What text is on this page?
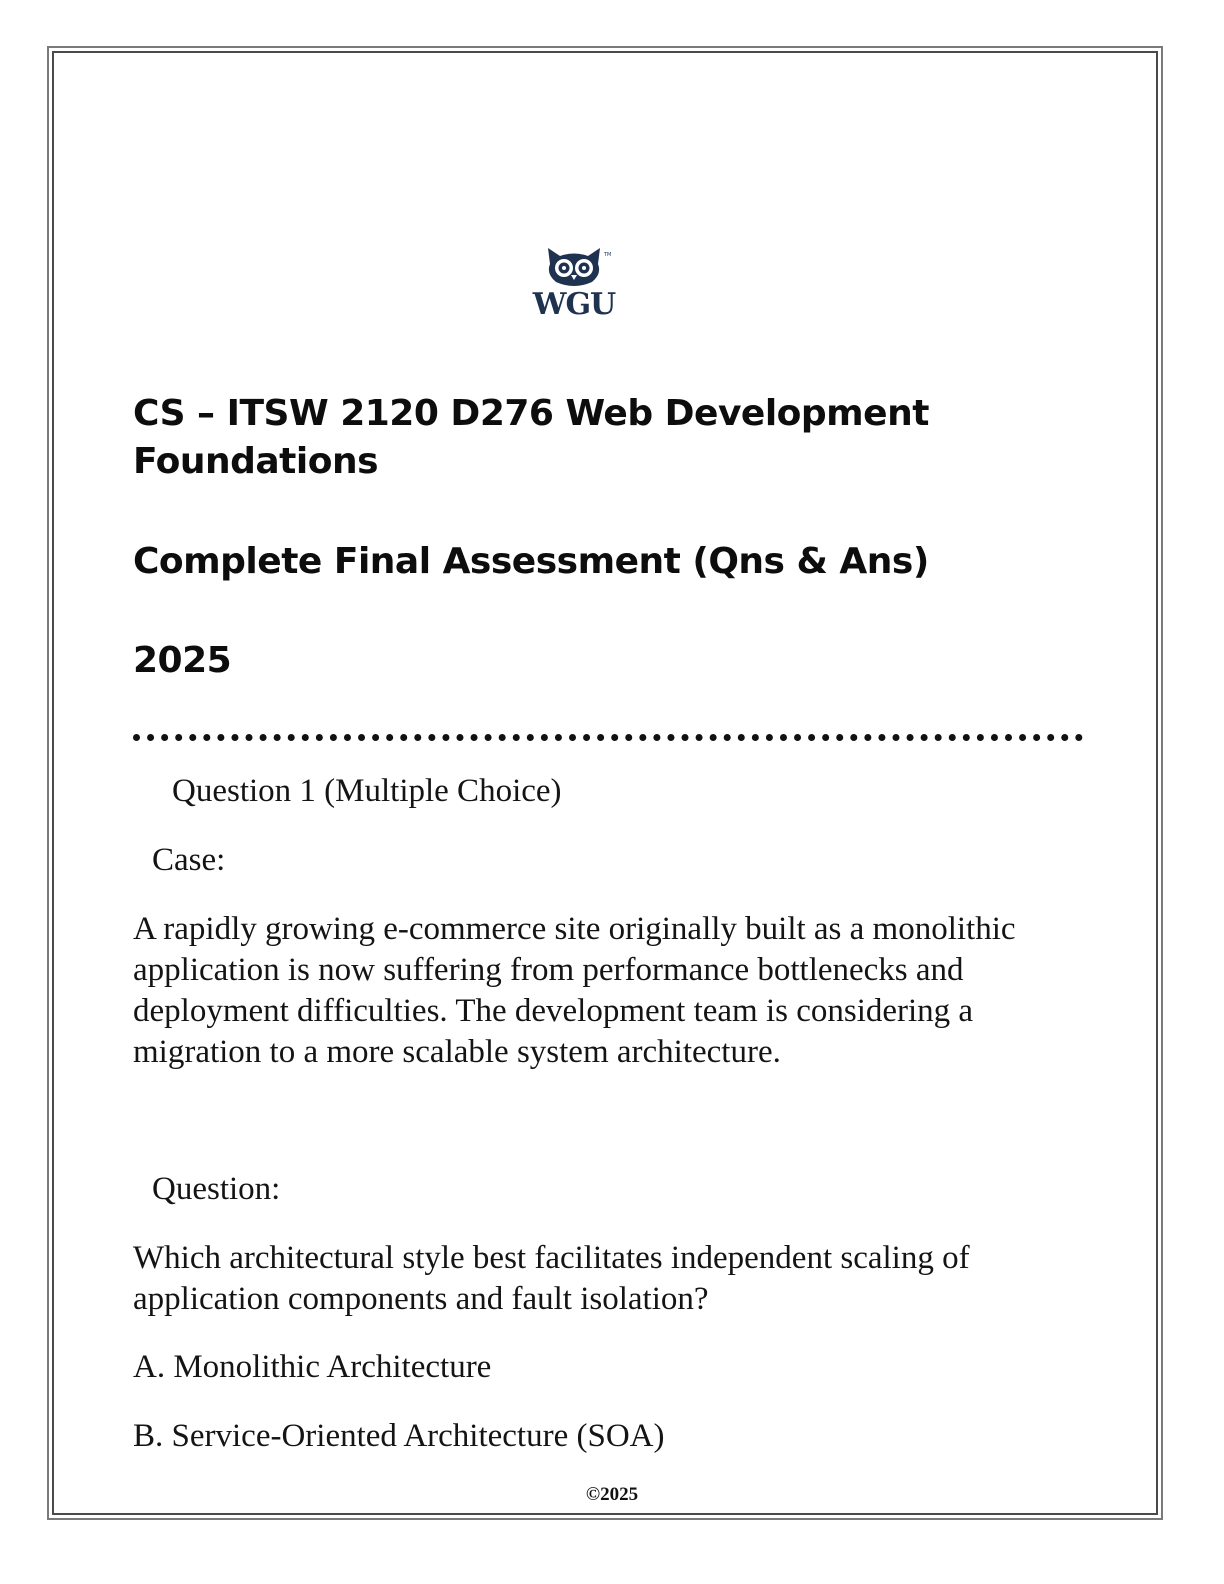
TM
WGU
CS – ITSW 2120 D276 Web Development
Foundations
Complete Final Assessment (Qns & Ans)
2025

Question 1 (Multiple Choice)

Case:

A rapidly growing e-commerce site originally built as a monolithic application is now suffering from performance bottlenecks and deployment difficulties. The development team is considering a migration to a more scalable system architecture.

Question:

Which architectural style best facilitates independent scaling of application components and fault isolation?

A. Monolithic Architecture

B. Service-Oriented Architecture (SOA)

©2025
